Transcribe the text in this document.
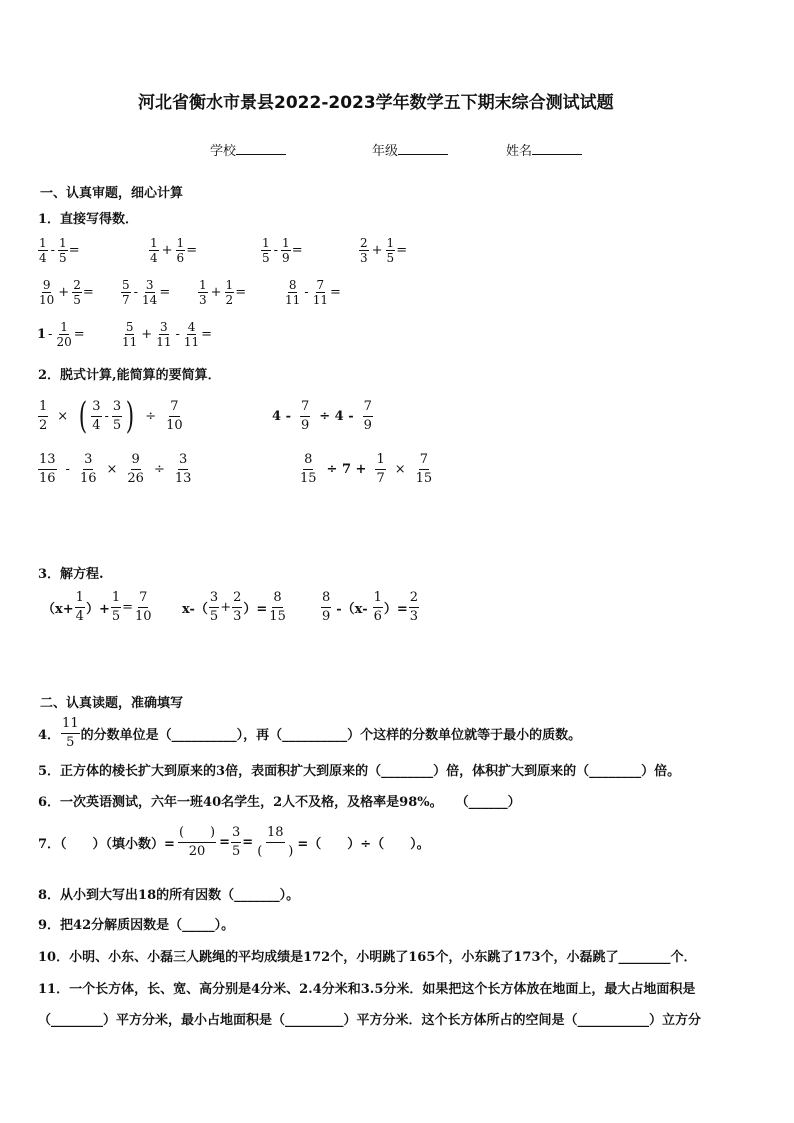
河北省衡水市景县2022-2023学年数学五下期末综合测试试题
学校	年级	姓名
一、认真审题，细心计算
1．直接写得数．
$\frac{1}{4} - \frac{1}{5}$ =	$\frac{1}{4} + \frac{1}{6}$ =	$\frac{1}{5} - \frac{1}{9}$ =	$\frac{2}{3} + \frac{1}{5}$ =
$\frac{9}{10} + \frac{2}{5} = \frac{5}{7} - \frac{3}{14} = \frac{1}{3} + \frac{1}{2}$ =	$\frac{8}{11} - \frac{7}{11}$ =
$1 - \frac{1}{20}$ =	$\frac{5}{11} + \frac{3}{11} - \frac{4}{11}$ =
2．脱式计算,能简算的要简算．
$\frac{1}{2}$ × ( $\frac{3}{4} - \frac{3}{5}$ ) ÷ $\frac{7}{10}$	$4 - \frac{7}{9} \div 4 - \frac{7}{9}$
$\frac{13}{16} - \frac{3}{16} \times \frac{9}{26} \div \frac{3}{13}$	$\frac{8}{15} \div 7 + \frac{1}{7} \times \frac{7}{15}$
3．解方程.
（$x+ \frac{1}{4}$ ）+ $\frac{1}{5} = \frac{7}{10} x-( \frac{3}{5} + \frac{2}{3}$ ）= $\frac{8}{15}$	$\frac{8}{9} -(x- \frac{1}{6}$ ）= $\frac{2}{3}$
二、认真读题，准确填写
4． $\frac{11}{5}$ 的分数单位是（__________），再（__________）个这样的分数单位就等于最小的质数。
5．正方体的棱长扩大到原来的3倍，表面积扩大到原来的（________）倍，体积扩大到原来的（________）倍。
6．一次英语测试，六年一班40名学生，2人不及格，及格率是98%。　　（______）
7．（　　）（填小数）= $\frac{( )}{20} = \frac{3}{5} = \frac{18}{( )}$ =（　　）÷（　　）。
8．从小到大写出18的所有因数（_______）。
9．把42分解质因数是（_____）。
10．小明、小东、小磊三人跳绳的平均成绩是172个，小明跳了165个，小东跳了173个，小磊跳了________个．
11．一个长方体，长、宽、高分别是4分米、2.4分米和3.5分米．如果把这个长方体放在地面上，最大占地面积是
（________）平方分米，最小占地面积是（_________）平方分米．这个长方体所占的空间是（___________）立方分
